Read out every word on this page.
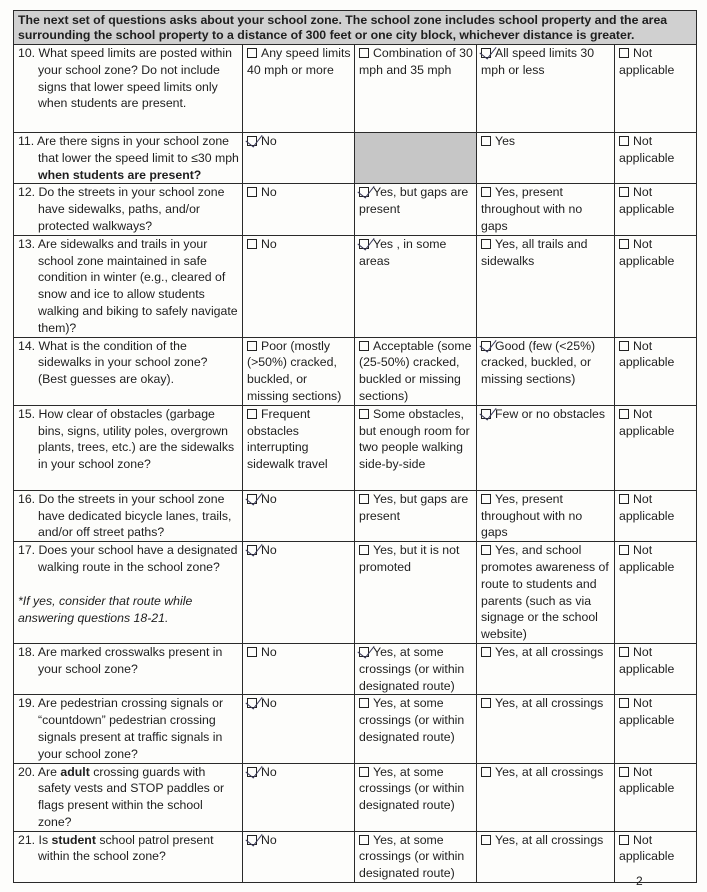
The next set of questions asks about your school zone. The school zone includes school property and the area
surrounding the school property to a distance of 300 feet or one city block, whichever distance is greater.				

10. What speed limits are posted within your school zone? Do not include signs that lower speed limits only when students are present.	Any speed limits 40 mph or more	Combination of 30 mph and 35 mph	All speed limits 30 mph or less	Not applicable

11. Are there signs in your school zone that lower the speed limit to ≤30 mph when students are present?	No		Yes	Not applicable

12. Do the streets in your school zone have sidewalks, paths, and/or protected walkways?	No	Yes, but gaps are present	Yes, present throughout with no gaps	Not applicable

13. Are sidewalks and trails in your school zone maintained in safe condition in winter (e.g., cleared of snow and ice to allow students walking and biking to safely navigate them)?	No	Yes , in some areas	Yes, all trails and sidewalks	Not applicable

14. What is the condition of the sidewalks in your school zone? (Best guesses are okay).	Poor (mostly (>50%) cracked, buckled, or missing sections)	Acceptable (some (25-50%) cracked, buckled or missing sections)	Good (few (<25%) cracked, buckled, or missing sections)	Not applicable

15. How clear of obstacles (garbage bins, signs, utility poles, overgrown plants, trees, etc.) are the sidewalks in your school zone?	Frequent obstacles interrupting sidewalk travel	Some obstacles, but enough room for two people walking side-by-side	Few or no obstacles	Not applicable

16. Do the streets in your school zone have dedicated bicycle lanes, trails, and/or off street paths?	No	Yes, but gaps are present	Yes, present throughout with no gaps	Not applicable

17. Does your school have a designated walking route in the school zone?
*If yes, consider that route while answering questions 18-21.	No	Yes, but it is not promoted	Yes, and school promotes awareness of route to students and parents (such as via signage or the school website)	Not applicable

18. Are marked crosswalks present in your school zone?	No	Yes, at some crossings (or within designated route)	Yes, at all crossings	Not applicable

19. Are pedestrian crossing signals or “countdown” pedestrian crossing signals present at traffic signals in your school zone?	No	Yes, at some crossings (or within designated route)	Yes, at all crossings	Not applicable

20. Are adult crossing guards with safety vests and STOP paddles or flags present within the school zone?	No	Yes, at some crossings (or within designated route)	Yes, at all crossings	Not applicable

21. Is student school patrol present within the school zone?	No	Yes, at some crossings (or within designated route)	Yes, at all crossings	Not applicable
2
